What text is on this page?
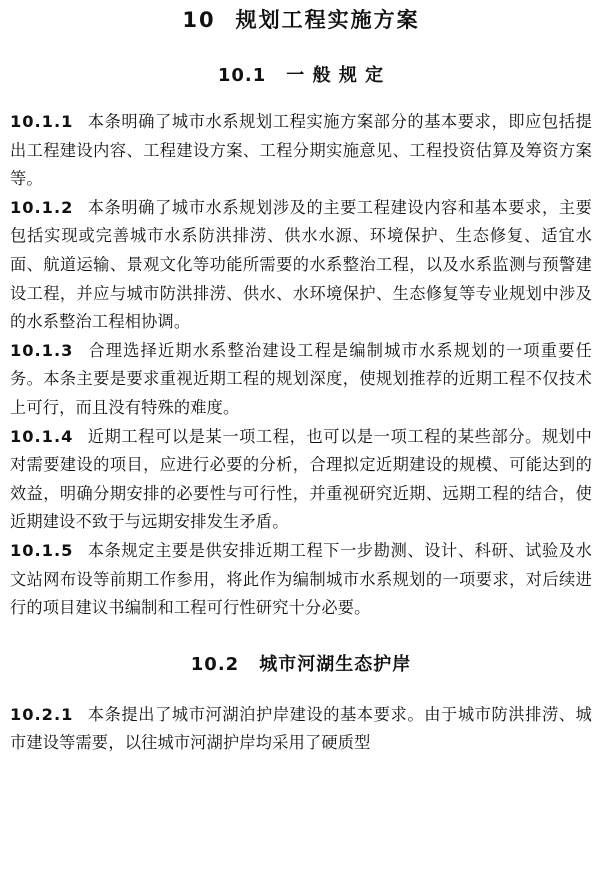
10 规划工程实施方案
10.1 一 般 规 定

10.1.1 本条明确了城市水系规划工程实施方案部分的基本要求，即应包括提出工程建设内容、工程建设方案、工程分期实施意见、工程投资估算及筹资方案等。

10.1.2 本条明确了城市水系规划涉及的主要工程建设内容和基本要求，主要包括实现或完善城市水系防洪排涝、供水水源、环境保护、生态修复、适宜水面、航道运输、景观文化等功能所需要的水系整治工程，以及水系监测与预警建设工程，并应与城市防洪排涝、供水、水环境保护、生态修复等专业规划中涉及的水系整治工程相协调。

10.1.3 合理选择近期水系整治建设工程是编制城市水系规划的一项重要任务。本条主要是要求重视近期工程的规划深度，使规划推荐的近期工程不仅技术上可行，而且没有特殊的难度。

10.1.4 近期工程可以是某一项工程，也可以是一项工程的某些部分。规划中对需要建设的项目，应进行必要的分析，合理拟定近期建设的规模、可能达到的效益，明确分期安排的必要性与可行性，并重视研究近期、远期工程的结合，使近期建设不致于与远期安排发生矛盾。

10.1.5 本条规定主要是供安排近期工程下一步勘测、设计、科研、试验及水文站网布设等前期工作参用，将此作为编制城市水系规划的一项要求，对后续进行的项目建议书编制和工程可行性研究十分必要。

10.2 城市河湖生态护岸

10.2.1 本条提出了城市河湖泊护岸建设的基本要求。由于城市防洪排涝、城市建设等需要，以往城市河湖护岸均采用了硬质型
